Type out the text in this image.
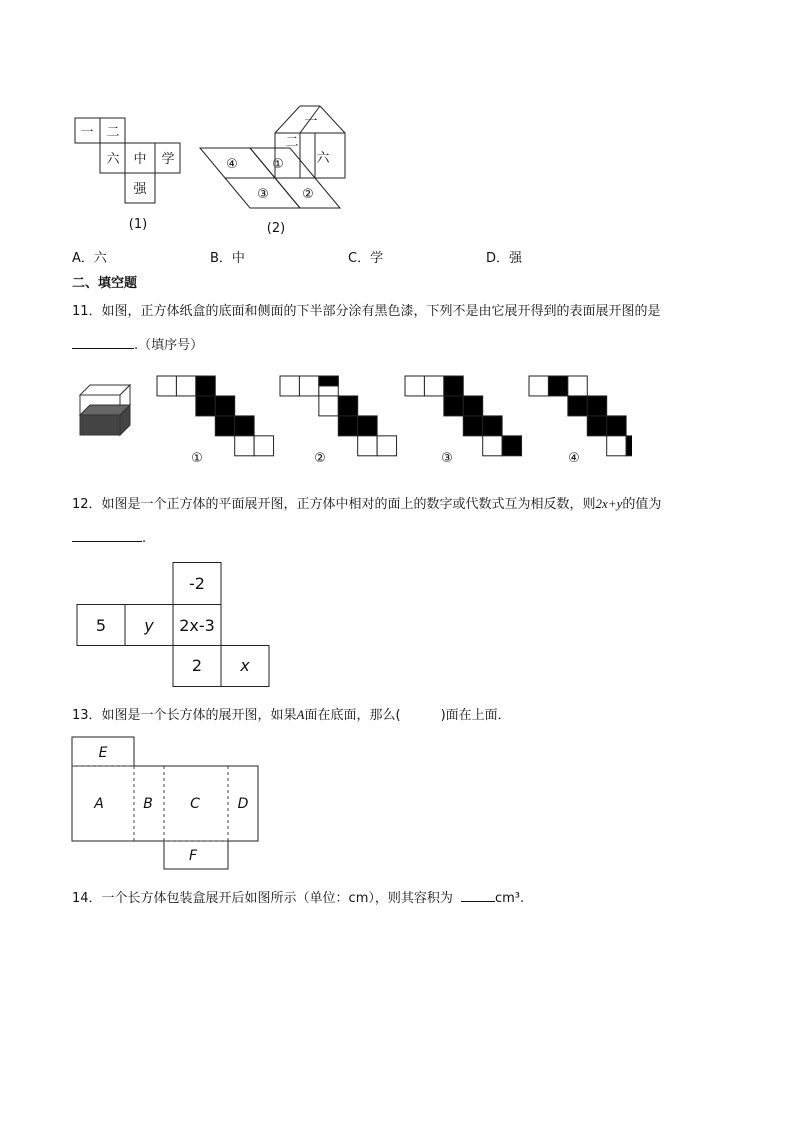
一 二
六 中 学
强
(1)
④	①
③	②
一
二
六
(2)
A．六	B．中	C．学	D．强
二、填空题
11．如图，正方体纸盒的底面和侧面的下半部分涂有黑色漆，下列不是由它展开得到的表面展开图的是
.（填序号）
①	②	③	④
12．如图是一个正方体的平面展开图，正方体中相对的面上的数字或代数式互为相反数，则2x+y的值为
.
-2
5 y 2x-3
2 x
13．如图是一个长方体的展开图，如果A面在底面，那么(	)面在上面．
E
A	B	C	D
F
14．一个长方体包装盒展开后如图所示（单位：cm），则其容积为	cm³.
